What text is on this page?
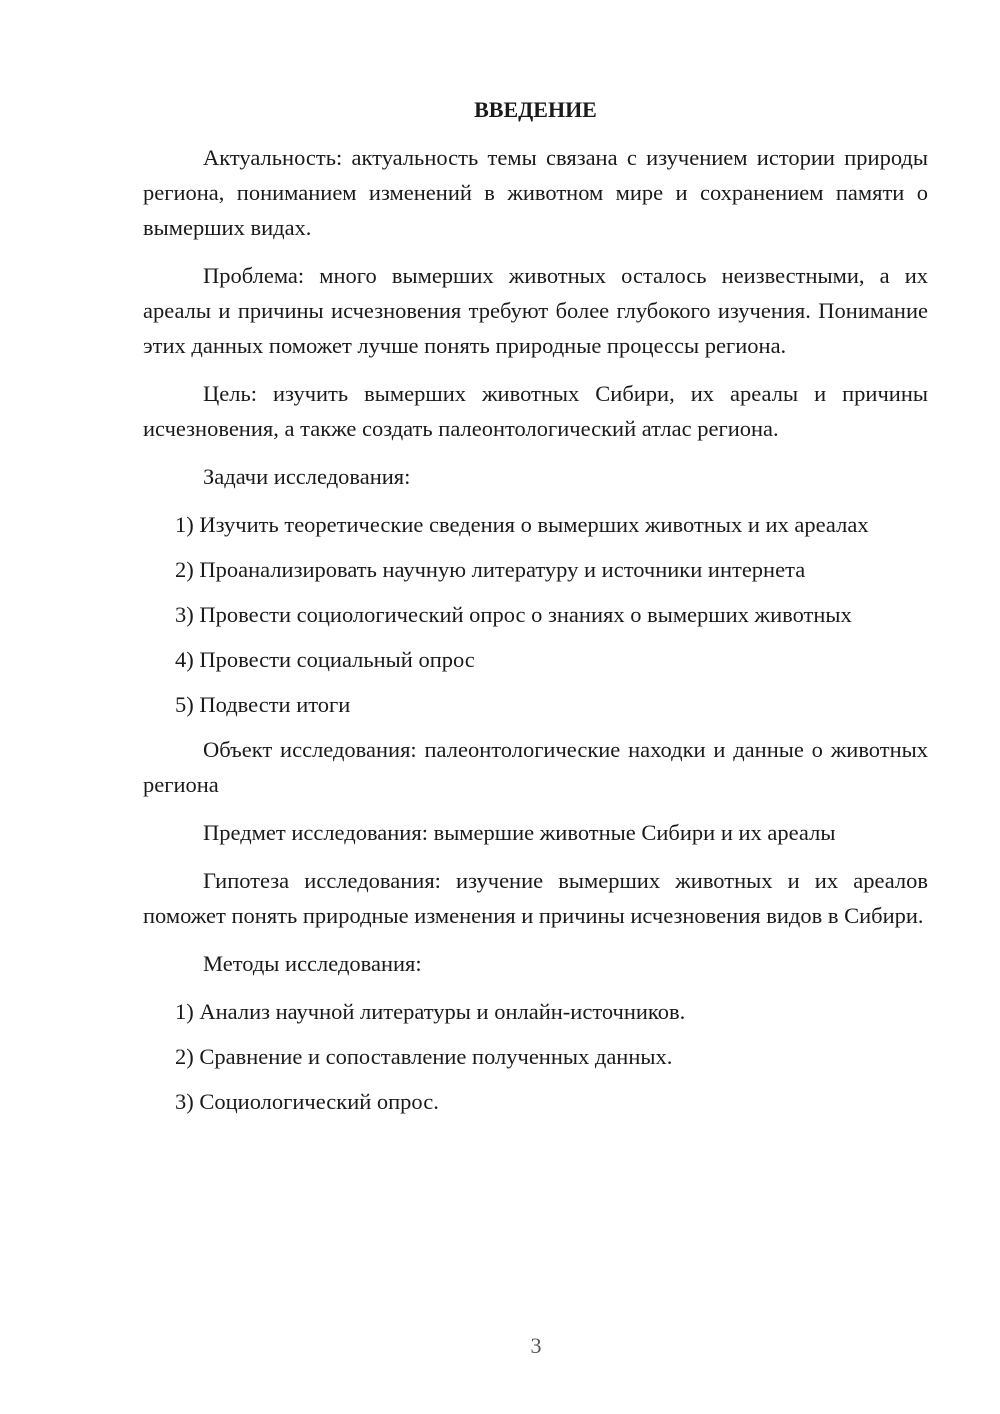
ВВЕДЕНИЕ

Актуальность: актуальность темы связана с изучением истории природы региона, пониманием изменений в животном мире и сохранением памяти о вымерших видах.

Проблема: много вымерших животных осталось неизвестными, а их ареалы и причины исчезновения требуют более глубокого изучения. Понимание этих данных поможет лучше понять природные процессы региона.

Цель: изучить вымерших животных Сибири, их ареалы и причины исчезновения, а также создать палеонтологический атлас региона.

Задачи исследования:

1) Изучить теоретические сведения о вымерших животных и их ареалах

2) Проанализировать научную литературу и источники интернета

3) Провести социологический опрос о знаниях о вымерших животных

4) Провести социальный опрос

5) Подвести итоги

Объект исследования: палеонтологические находки и данные о животных региона

Предмет исследования: вымершие животные Сибири и их ареалы

Гипотеза исследования: изучение вымерших животных и их ареалов поможет понять природные изменения и причины исчезновения видов в Сибири.

Методы исследования:

1) Анализ научной литературы и онлайн-источников.

2) Сравнение и сопоставление полученных данных.

3) Социологический опрос.

3
